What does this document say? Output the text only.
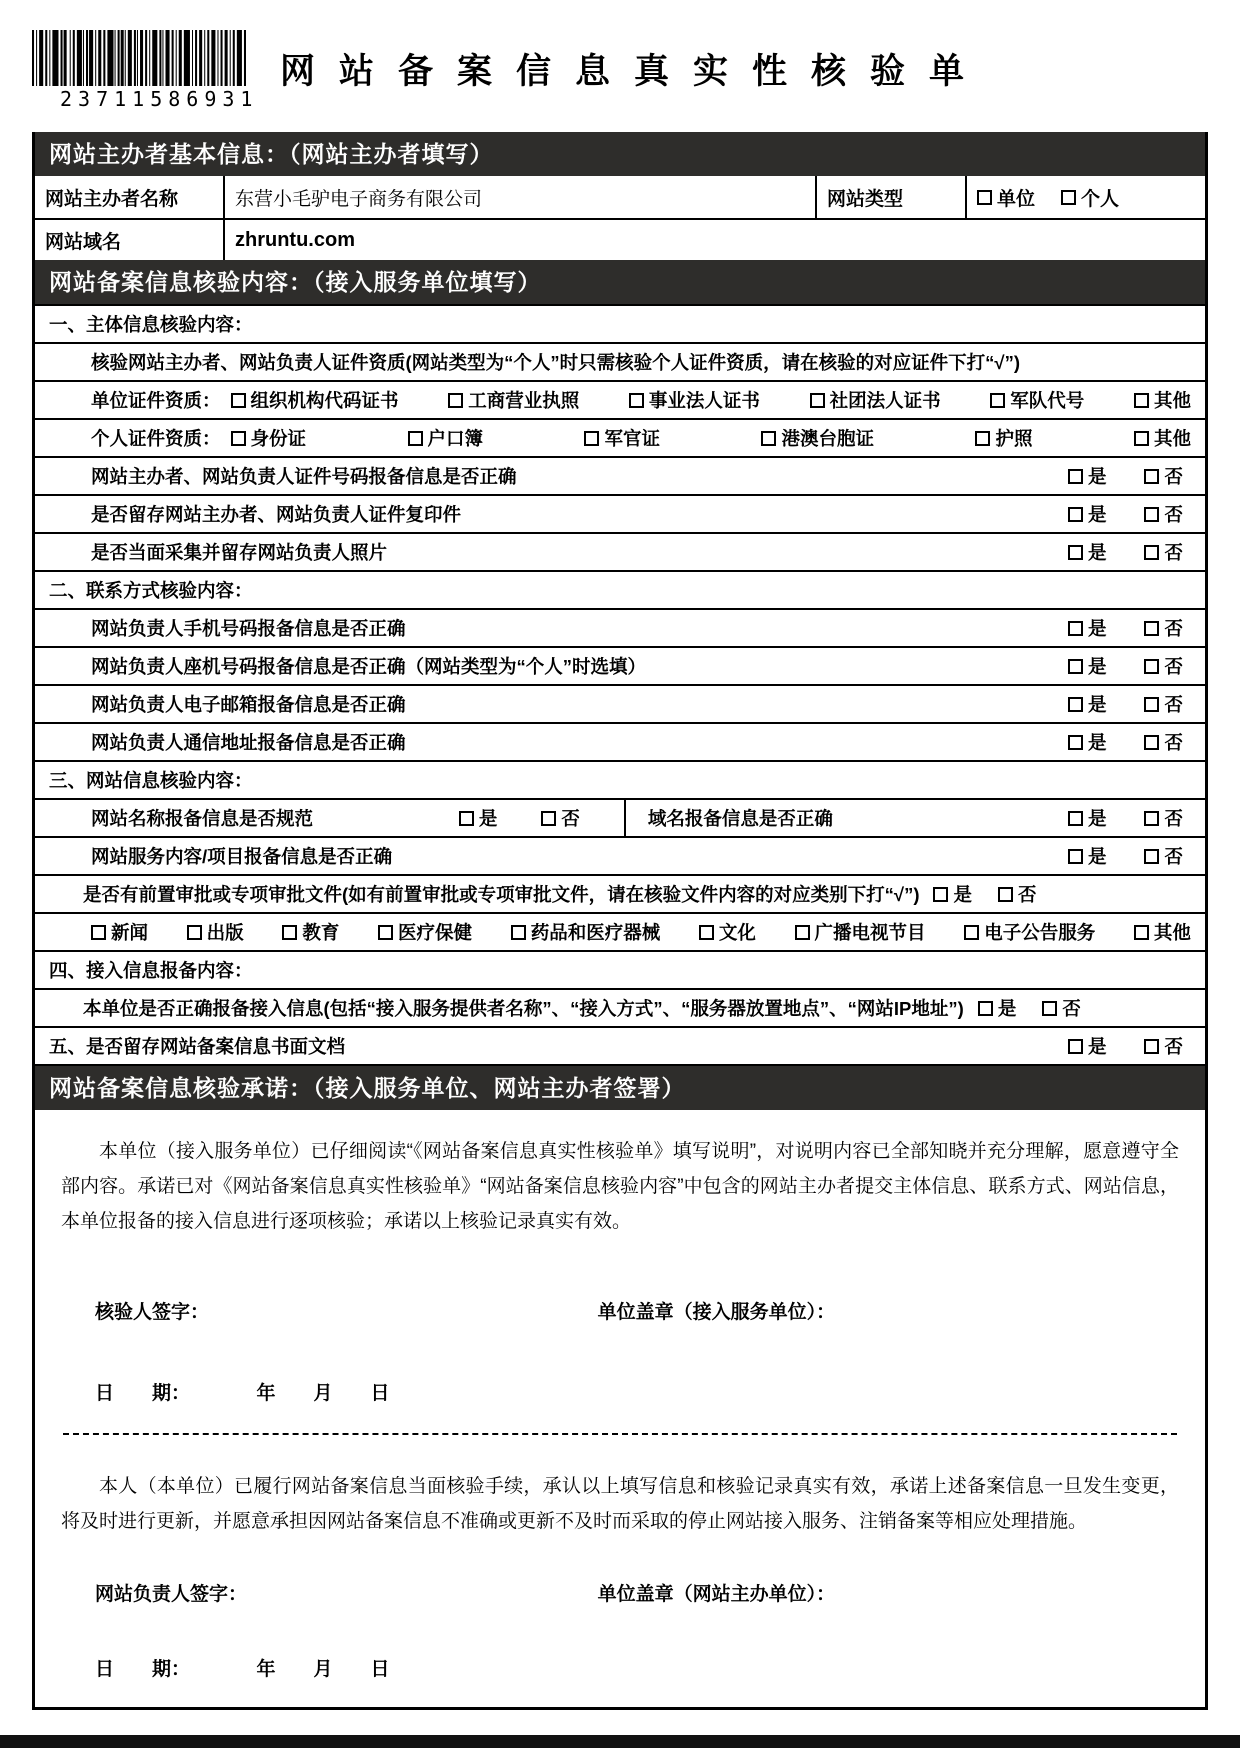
23711586931
网站备案信息真实性核验单
网站主办者基本信息：（网站主办者填写）
网站主办者名称	东营小毛驴电子商务有限公司	网站类型	单位 个人
网站域名	zhruntu.com
网站备案信息核验内容：（接入服务单位填写）
一、主体信息核验内容：
核验网站主办者、网站负责人证件资质(网站类型为“个人”时只需核验个人证件资质，请在核验的对应证件下打“√”)
单位证件资质： 组织机构代码证书	工商营业执照	事业法人证书	社团法人证书	军队代号	其他
个人证件资质： 身份证	户口簿	军官证	港澳台胞证	护照	其他
网站主办者、网站负责人证件号码报备信息是否正确	是	否
是否留存网站主办者、网站负责人证件复印件	是	否
是否当面采集并留存网站负责人照片	是	否
二、联系方式核验内容：
网站负责人手机号码报备信息是否正确	是	否
网站负责人座机号码报备信息是否正确（网站类型为“个人”时选填）	是	否
网站负责人电子邮箱报备信息是否正确	是	否
网站负责人通信地址报备信息是否正确	是	否
三、网站信息核验内容：
网站名称报备信息是否规范	是	否	域名报备信息是否正确	是	否
网站服务内容/项目报备信息是否正确	是	否
是否有前置审批或专项审批文件(如有前置审批或专项审批文件，请在核验文件内容的对应类别下打“√”) 是 否
新闻	出版	教育	医疗保健	药品和医疗器械	文化	广播电视节目	电子公告服务	其他
四、接入信息报备内容：
本单位是否正确报备接入信息(包括“接入服务提供者名称”、“接入方式”、“服务器放置地点”、“网站IP地址”) 是 否
五、是否留存网站备案信息书面文档	是	否
网站备案信息核验承诺：（接入服务单位、网站主办者签署）
本单位（接入服务单位）已仔细阅读“《网站备案信息真实性核验单》填写说明”，对说明内容已全部知晓并充分理解，愿意遵守全部内容。承诺已对《网站备案信息真实性核验单》“网站备案信息核验内容”中包含的网站主办者提交主体信息、联系方式、网站信息，本单位报备的接入信息进行逐项核验；承诺以上核验记录真实有效。
核验人签字：	单位盖章（接入服务单位）：
日　　期：　　　　年　　月　　日
本人（本单位）已履行网站备案信息当面核验手续，承认以上填写信息和核验记录真实有效，承诺上述备案信息一旦发生变更，将及时进行更新，并愿意承担因网站备案信息不准确或更新不及时而采取的停止网站接入服务、注销备案等相应处理措施。
网站负责人签字：	单位盖章（网站主办单位）：
日　　期：　　　　年　　月　　日
